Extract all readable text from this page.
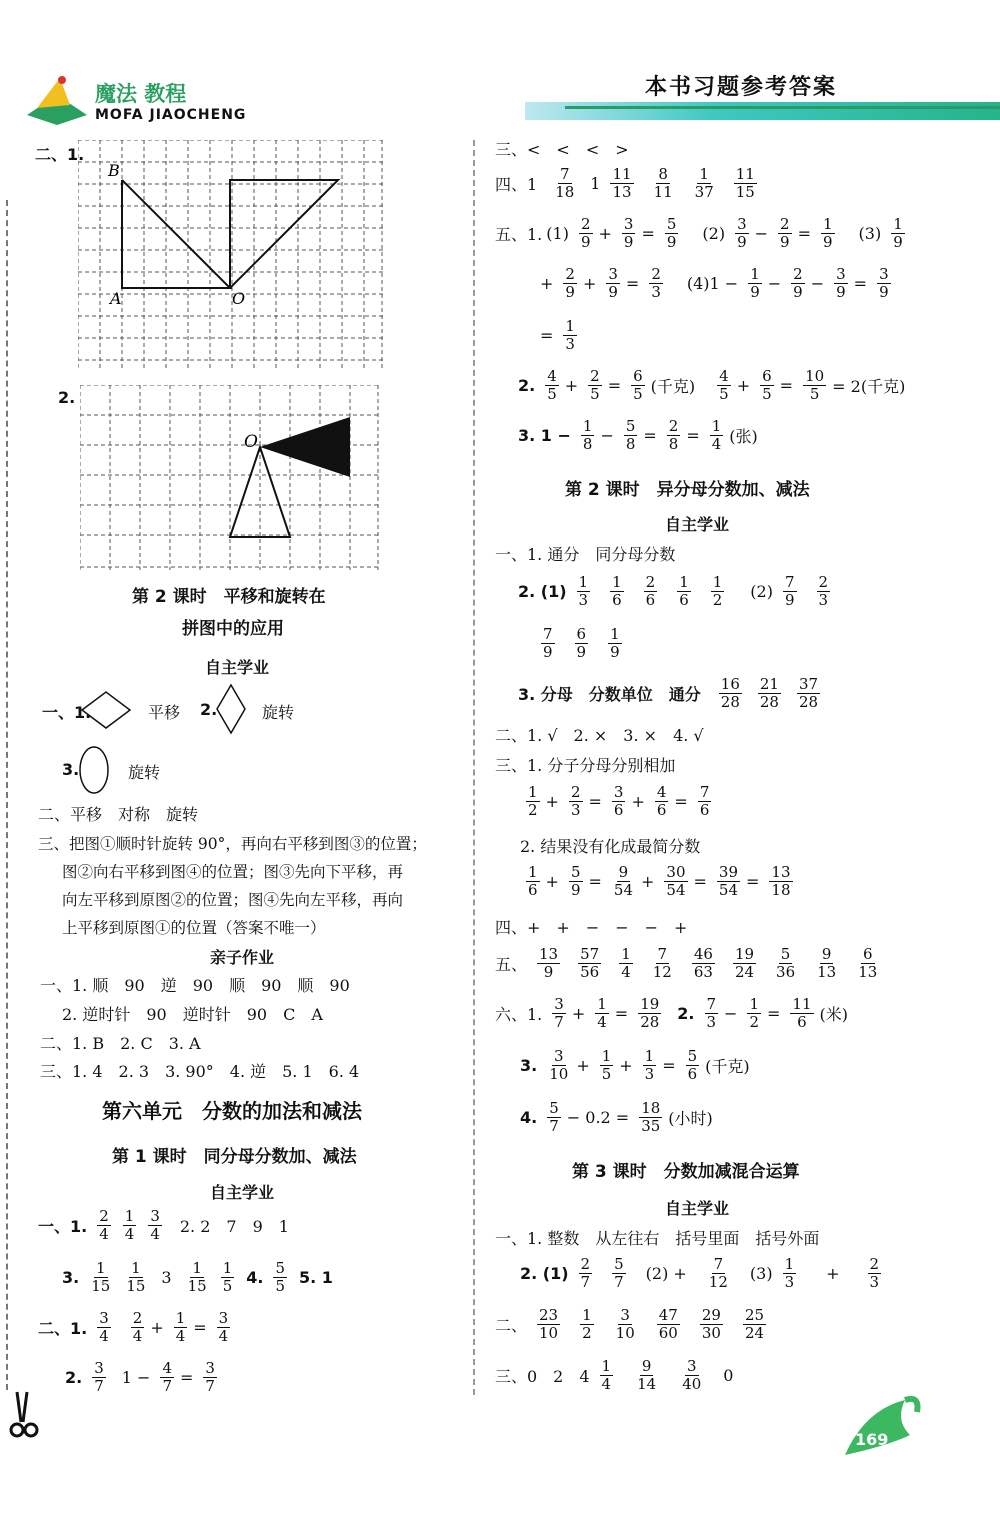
魔法 教程
MOFA JIAOCHENG
本书习题参考答案
二、1.
B
A	O
2.
O
第 2 课时　平移和旋转在
拼图中的应用
自主学业
一、1.	平移 2.	旋转
3.	旋转
二、平移　对称　旋转
三、把图①顺时针旋转 90°，再向右平移到图③的位置；
图②向右平移到图④的位置；图③先向下平移，再
向左平移到原图②的位置；图④先向左平移，再向
上平移到原图①的位置（答案不唯一）
亲子作业
一、1. 顺　90　逆　90　顺　90　顺　90
2. 逆时针　90　逆时针　90　C　A
二、1. B　2. C　3. A
三、1. 4　2. 3　3. 90°　4. 逆　5. 1　6. 4
第六单元　分数的加法和减法
第 1 课时　同分母分数加、减法
自主学业
一、1.
2
4
1
4
3
4 2. 2　7　9　1
3. 1
15
1
15 3 1
15
1
5 4. 5
5 5. 1
二、1.
3
4
2
$4 + \frac{1}{4} = \frac{3}{4}$
2. 3
7 $1 - \frac{4}{7} = \frac{3}{7}$
三、<　<　<　>
四、1
7
18 1 11
13
8
11
1
37
11
15
五、1. (1) 2
$9 + \frac{3}{9} = \frac{5}{9} (2)$ 3
$9 - \frac{2}{9} = \frac{1}{9} (3)$ 1
9
+ $\frac{2}{9} + \frac{3}{9} = \frac{2}{3} (4)1 - \frac{1}{9} - \frac{2}{9} - \frac{3}{9} = \frac{3}{9}$
= $\frac{1}{3}$
2. 4
$5 + \frac{2}{5} = \frac{6}{5}$ (千克)
4
$5 + \frac{6}{5} = \frac{10}{5} = 2$(千克)
3. $1 - \frac{1}{8} - \frac{5}{8} = \frac{2}{8} = \frac{1}{4}$ (张)
第 2 课时　异分母分数加、减法
自主学业
一、1. 通分　同分母分数
2. (1) 1
3
1
6
2
6
1
6
1
2 (2) 7
9
2
3
7
9
6
9
1
9
3. 分母　分数单位　通分
16
28
21
28
37
28
二、1. √　2. ×　3. ×　4. √
三、1. 分子分母分别相加
1
$2 + \frac{2}{3} = \frac{3}{6} + \frac{4}{6} = \frac{7}{6}$
2. 结果没有化成最简分数
1
$6 + \frac{5}{9} = \frac{9}{54} + \frac{30}{54} = \frac{39}{54} = \frac{13}{18}$
四、+　+　−　−　−　+
五、
13
9
57
56
1
4
7
12
46
63
19
24
5
36
9
13
6
13
六、1.
3
$7 + \frac{1}{4} = \frac{19}{28} 2$. 7
$3 - \frac{1}{2} = \frac{11}{6}$ (米)
3. 3
$10 + \frac{1}{5} + \frac{1}{3} = \frac{5}{6}$ (千克)
4. 5
$7 - 0.2 = \frac{18}{35}$ (小时)
第 3 课时　分数加减混合运算
自主学业
一、1. 整数　从左往右　括号里面　括号外面
2. (1) 2
7
5
7 $(2) + \frac{7}{12} (3)$ 1
$3 + \frac{2}{3}$
二、
23
10
1
2
3
10
47
60
29
30
25
24
三、0　2　4
1
4
9
14
3
40 0
169
